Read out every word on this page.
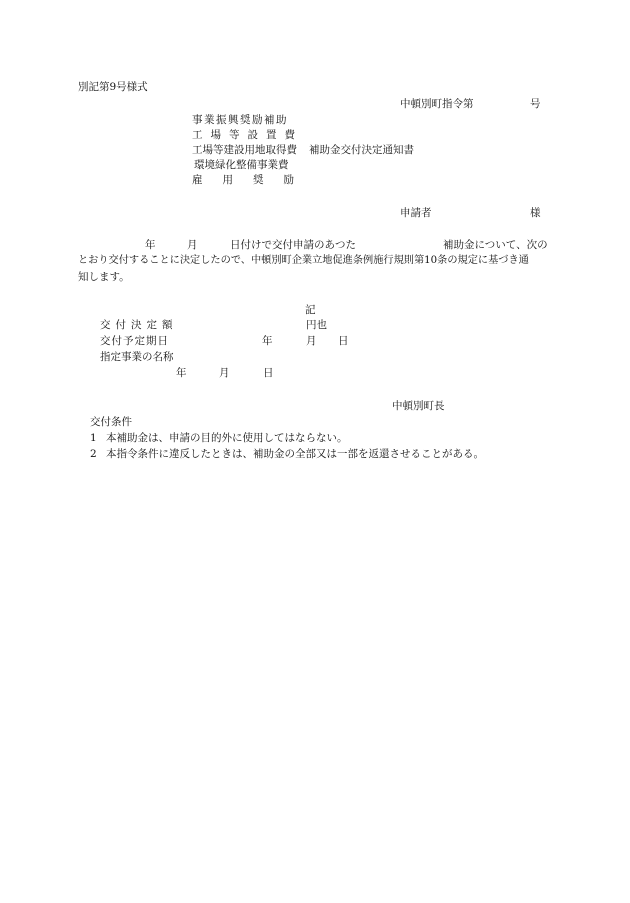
別記第9号様式
中頓別町指令第	号
事業振興奨励補助
工場等設置費
工場等建設用地取得費 補助金交付決定通知書
環境緑化整備事業費
雇用奨励
申請者	様
年	月	日付けで交付申請のあつた	補助金について、次の
とおり交付することに決定したので、中頓別町企業立地促進条例施行規則第10条の規定に基づき通
知します。
記
交付決定額	円也
交付予定期日	年	月 日
指定事業の名称
年	月	日
中頓別町長
交付条件
1 本補助金は、申請の目的外に使用してはならない。
2 本指令条件に違反したときは、補助金の全部又は一部を返還させることがある。
